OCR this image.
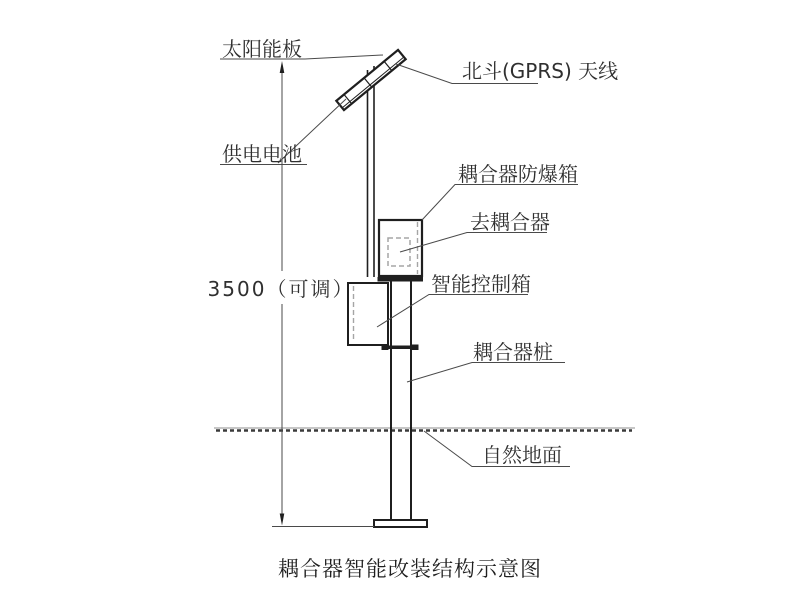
太阳能板
供电电池
北斗(GPRS) 天线
耦合器防爆箱
去耦合器
智能控制箱
耦合器桩
自然地面
3500（可调）
耦合器智能改装结构示意图
